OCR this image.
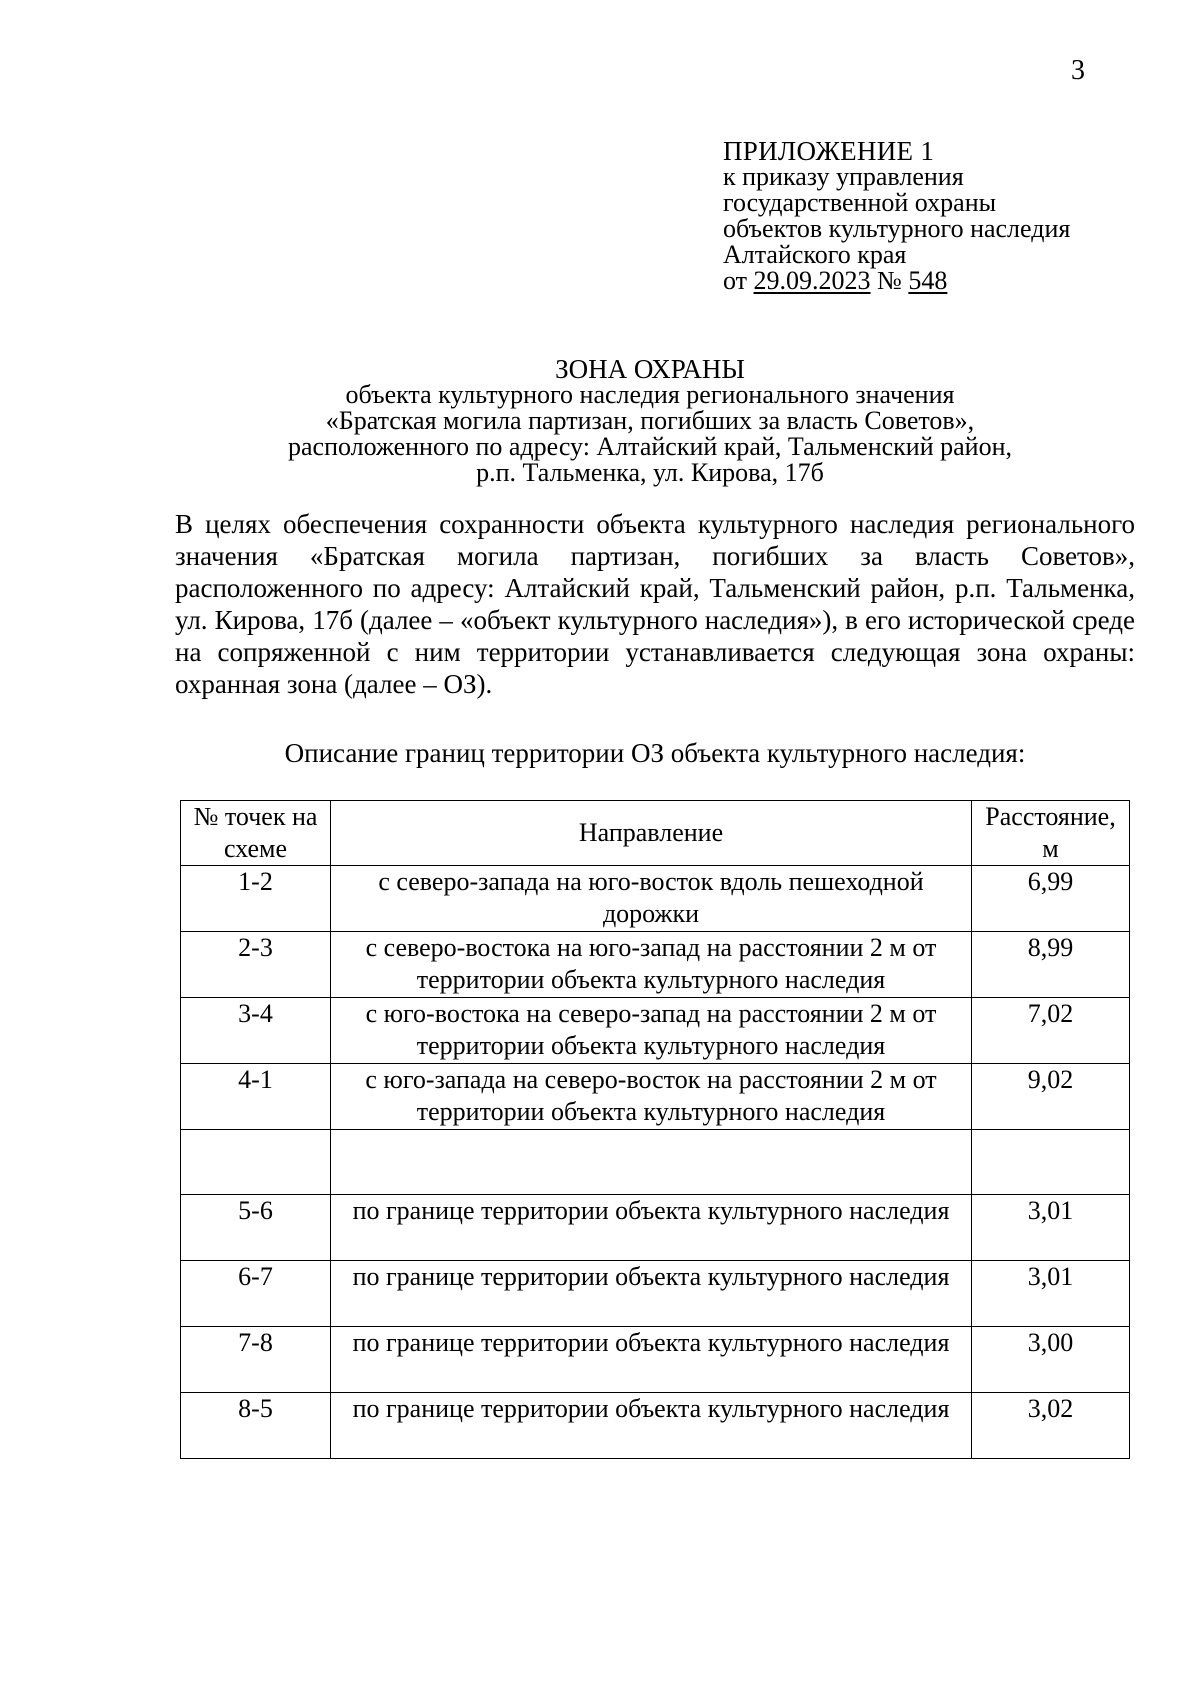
3
ПРИЛОЖЕНИЕ 1
к приказу управления
государственной охраны
объектов культурного наследия
Алтайского края
от 29.09.2023 № 548
ЗОНА ОХРАНЫ
объекта культурного наследия регионального значения
«Братская могила партизан, погибших за власть Советов»,
расположенного по адресу: Алтайский край, Тальменский район,
р.п. Тальменка, ул. Кирова, 17б

В целях обеспечения сохранности объекта культурного наследия регионального значения «Братская могила партизан, погибших за власть Советов», расположенного по адресу: Алтайский край, Тальменский район, р.п. Тальменка, ул. Кирова, 17б (далее – «объект культурного наследия»), в его исторической среде на сопряженной с ним территории устанавливается следующая зона охраны: охранная зона (далее – ОЗ).

Описание границ территории ОЗ объекта культурного наследия:

№ точек на схеме	Направление	Расстояние, м
1-2	с северо-запада на юго-восток вдоль пешеходной дорожки	6,99
2-3	с северо-востока на юго-запад на расстоянии 2 м от территории объекта культурного наследия	8,99
3-4	с юго-востока на северо-запад на расстоянии 2 м от территории объекта культурного наследия	7,02
4-1	с юго-запада на северо-восток на расстоянии 2 м от территории объекта культурного наследия	9,02

5-6	по границе территории объекта культурного наследия	3,01
6-7	по границе территории объекта культурного наследия	3,01
7-8	по границе территории объекта культурного наследия	3,00
8-5	по границе территории объекта культурного наследия	3,02
